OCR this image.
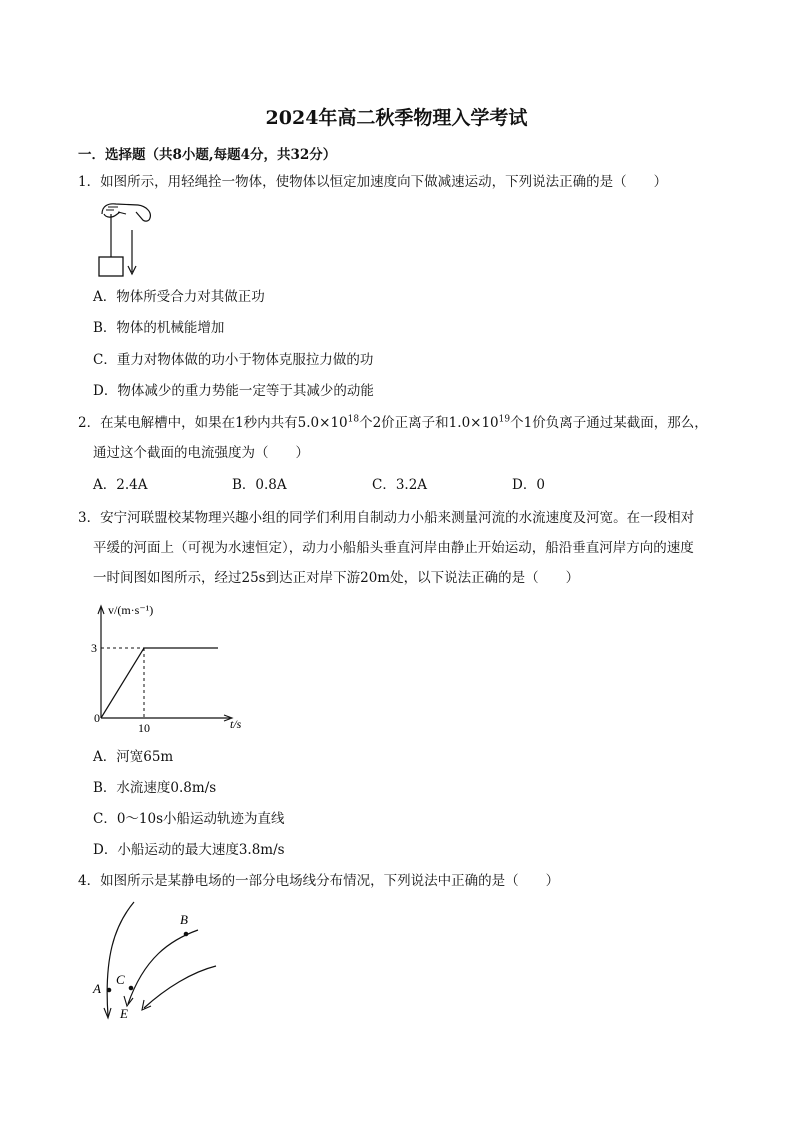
2024年高二秋季物理入学考试
一．选择题（共8小题,每题4分，共32分）
1．如图所示，用轻绳拴一物体，使物体以恒定加速度向下做减速运动，下列说法正确的是（　　）
A．物体所受合力对其做正功
B．物体的机械能增加
C．重力对物体做的功小于物体克服拉力做的功
D．物体减少的重力势能一定等于其减少的动能
2．在某电解槽中，如果在1秒内共有$5.0\times 10^{18}$个2价正离子和$1.0\times 10^{19}$个1价负离子通过某截面，那么，
通过这个截面的电流强度为（　　）
A．2.4A	B．0.8A	C．3.2A	D．0
3．安宁河联盟校某物理兴趣小组的同学们利用自制动力小船来测量河流的水流速度及河宽。在一段相对
平缓的河面上（可视为水速恒定），动力小船船头垂直河岸由静止开始运动，船沿垂直河岸方向的速度
一时间图如图所示，经过25s到达正对岸下游20m处，以下说法正确的是（　　）
v/(m·s⁻¹)
3
10
0	t/s
A．河宽65m
B．水流速度0.8m/s
C．0～10s小船运动轨迹为直线
D．小船运动的最大速度3.8m/s
4．如图所示是某静电场的一部分电场线分布情况，下列说法中正确的是（　　）
A
B
C
E
